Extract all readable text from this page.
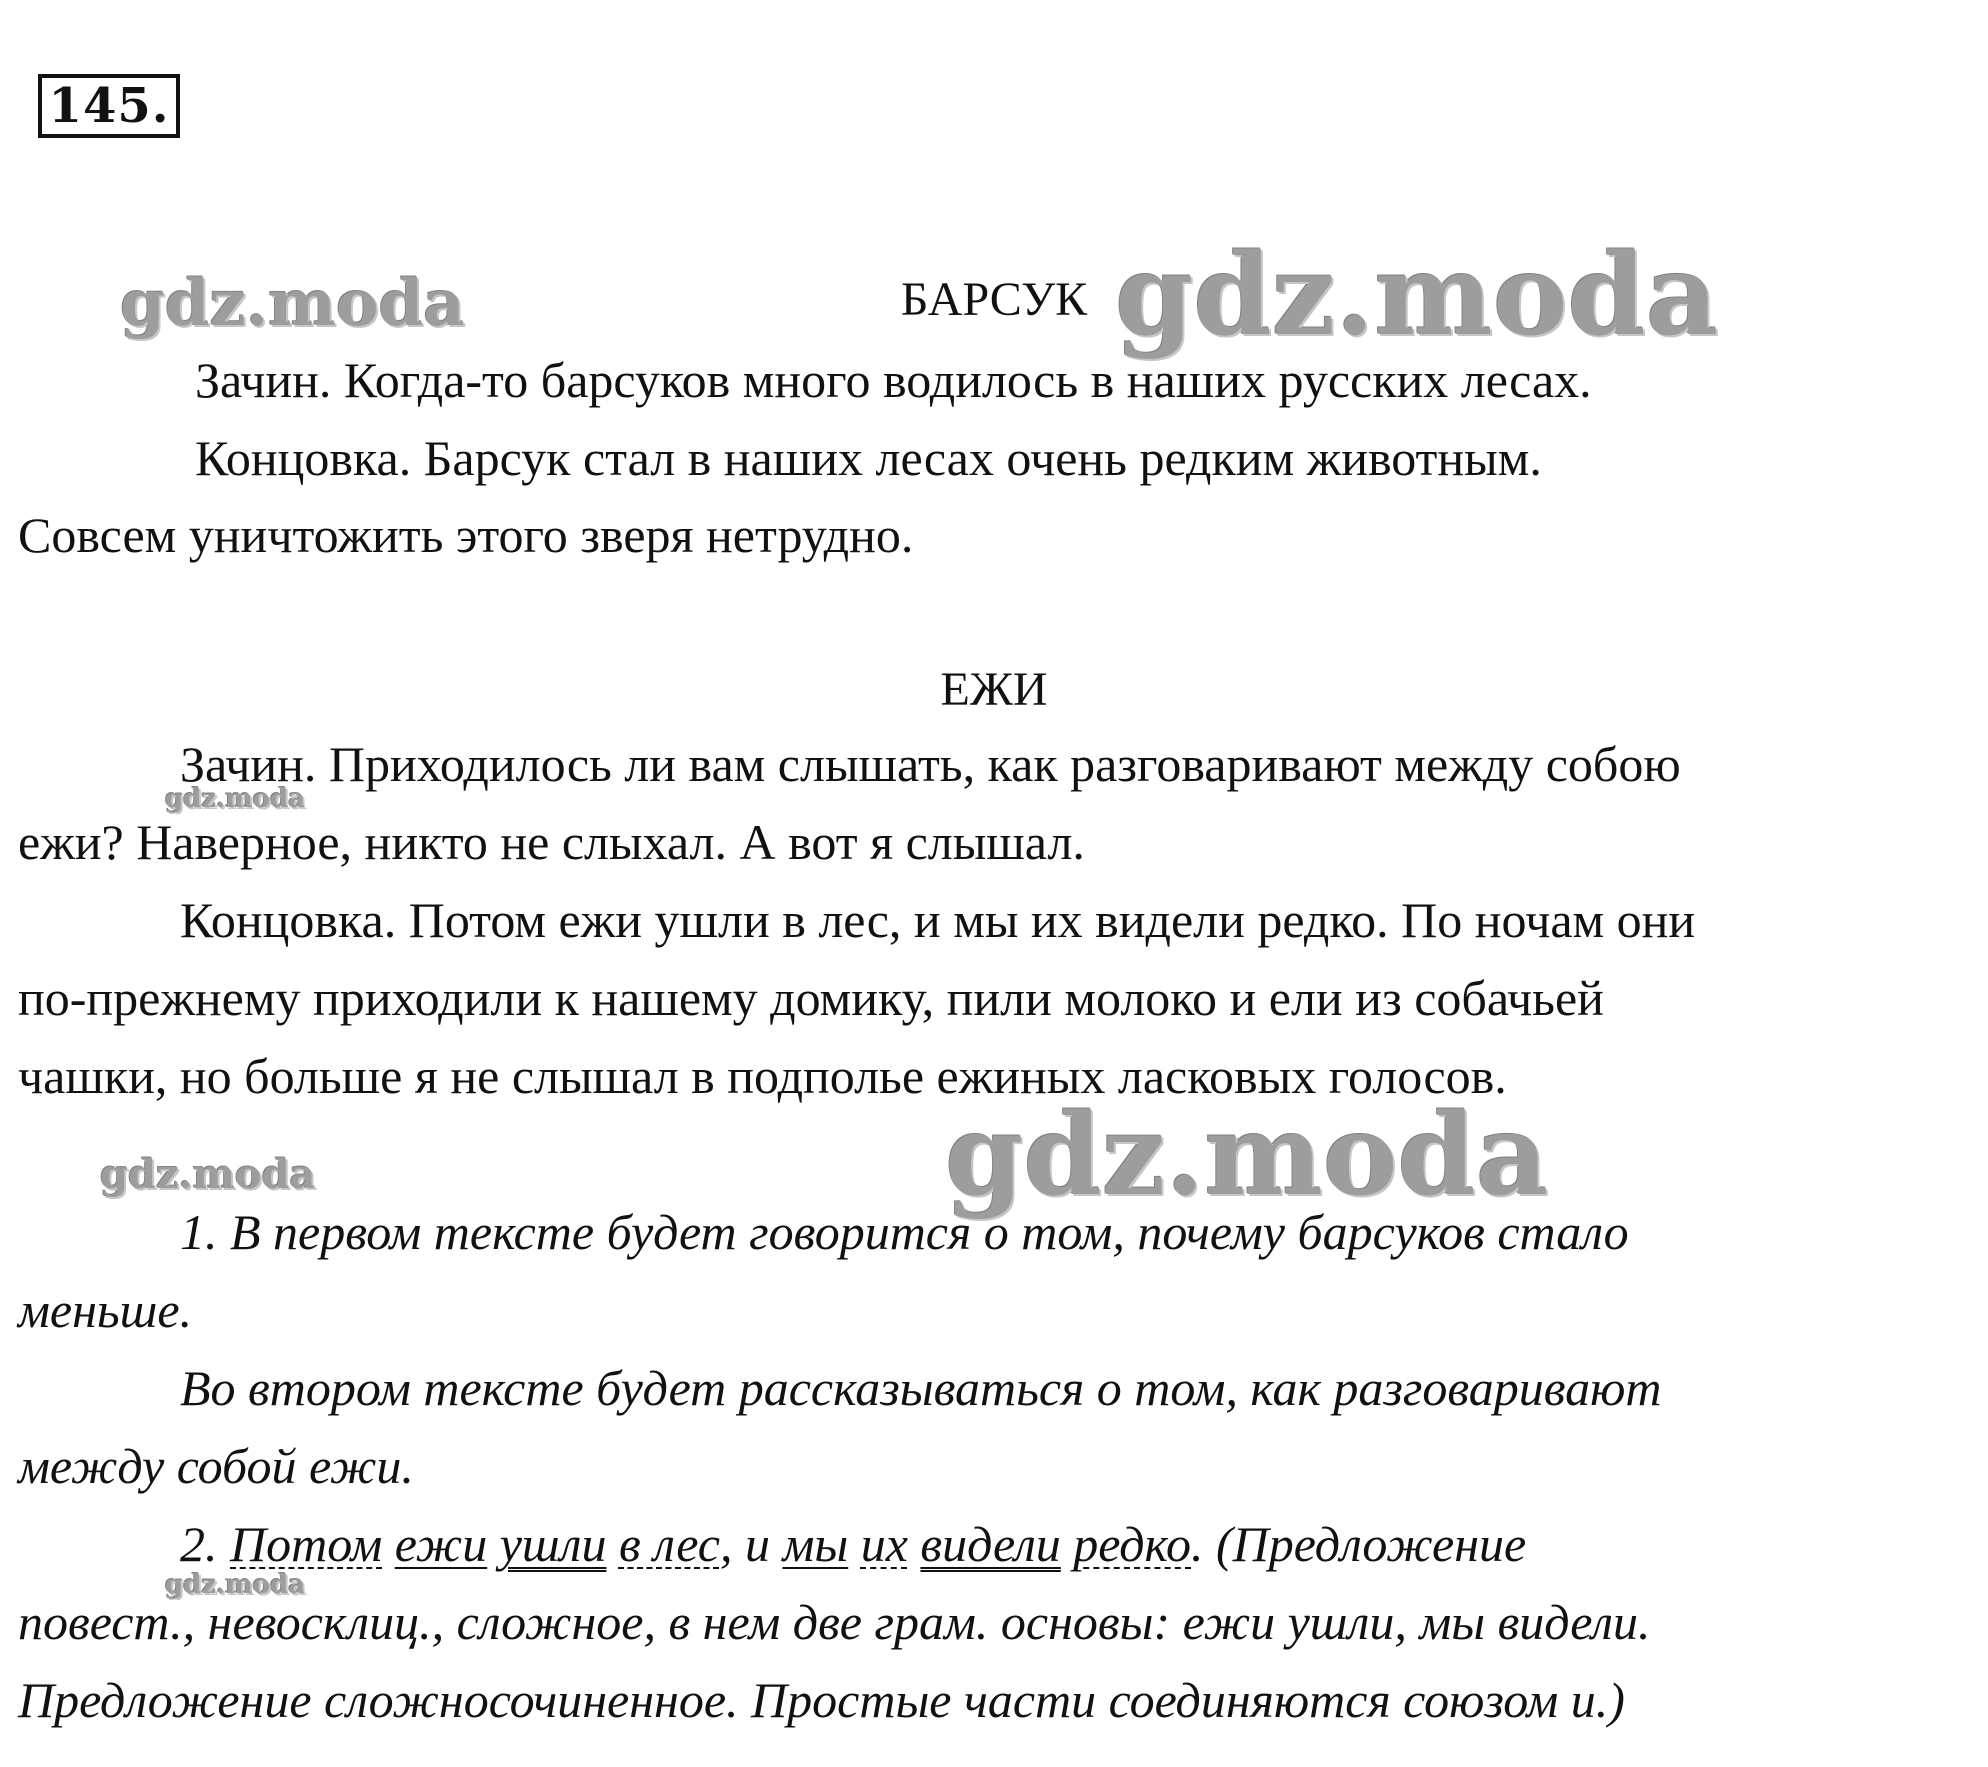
145.

БАРСУК

Зачин. Когда-то барсуков много водилось в наших русских лесах.

Концовка. Барсук стал в наших лесах очень редким животным.

Совсем уничтожить этого зверя нетрудно.

ЕЖИ

Зачин. Приходилось ли вам слышать, как разговаривают между собою

ежи? Наверное, никто не слыхал. А вот я слышал.

Концовка. Потом ежи ушли в лес, и мы их видели редко. По ночам они

по-прежнему приходили к нашему домику, пили молоко и ели из собачьей

чашки, но больше я не слышал в подполье ежиных ласковых голосов.

1. В первом тексте будет говорится о том, почему барсуков стало

меньше.

Во втором тексте будет рассказываться о том, как разговаривают

между собой ежи.

2. Потом ежи ушли в лес, и мы их видели редко. (Предложение

повест., невосклиц., сложное, в нем две грам. основы: ежи ушли, мы видели.

Предложение сложносочиненное. Простые части соединяются союзом и.)

gdz.moda	gdz.moda
gdz.moda
gdz.moda	gdz.moda
gdz.moda
